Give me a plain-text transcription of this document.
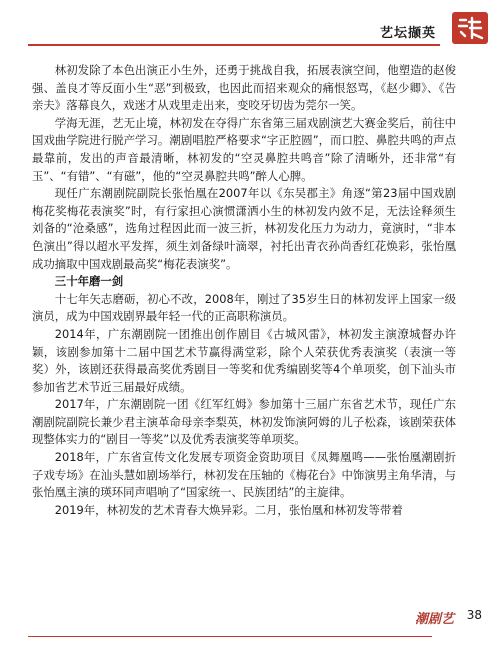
艺坛撷英

林初发除了本色出演正小生外，还勇于挑战自我，拓展表演空间，他塑造的赵俊强、盖良才等反面小生“恶”到极致，也因此而招来观众的痛恨怒骂，《赵少卿》、《告亲夫》落幕良久，戏迷才从戏里走出来，变咬牙切齿为莞尔一笑。

学海无涯，艺无止境，林初发在夺得广东省第三届戏剧演艺大赛金奖后，前往中国戏曲学院进行脱产学习。潮剧唱腔严格要求“字正腔圆”，而口腔、鼻腔共鸣的声点最靠前，发出的声音最清晰，林初发的“空灵鼻腔共鸣音”除了清晰外，还非常“有玉”、“有错”、“有磁”，他的“空灵鼻腔共鸣”醉人心脾。

现任广东潮剧院副院长张怡凰在2007年以《东吴郡主》角逐“第23届中国戏剧梅花奖梅花表演奖”时，有行家担心演惯潇洒小生的林初发内敛不足，无法诠释须生刘备的“沧桑感”，选角过程因此而一波三折，林初发化压力为动力，竟演时，“非本色演出”得以超水平发挥，须生刘备绿叶滴翠，衬托出青衣孙尚香红花焕彩，张怡凰成功摘取中国戏剧最高奖“梅花表演奖”。

三十年磨一剑

十七年矢志磨砺，初心不改，2008年，刚过了35岁生日的林初发评上国家一级演员，成为中国戏剧界最年轻一代的正高职称演员。

2014年，广东潮剧院一团推出创作剧目《古城风雷》，林初发主演潦城督办许颖，该剧参加第十二届中国艺术节赢得满堂彩，除个人荣获优秀表演奖（表演一等奖）外，该剧还获得最高奖优秀剧目一等奖和优秀编剧奖等4个单项奖，创下汕头市参加省艺术节近三届最好成绩。

2017年，广东潮剧院一团《红军红姆》参加第十三届广东省艺术节，现任广东潮剧院副院长兼少君主演革命母亲李梨英，林初发饰演阿姆的儿子松森，该剧荣获体现整体实力的“剧目一等奖”以及优秀表演奖等单项奖。

2018年，广东省宣传文化发展专项资金资助项目《凤舞凰鸣——张怡凰潮剧折子戏专场》在汕头慧如剧场举行，林初发在压轴的《梅花台》中饰演男主角华清，与张怡凰主演的瑛环同声唱响了“国家统一、民族团结”的主旋律。

2019年，林初发的艺术青春大焕异彩。二月，张怡凰和林初发等带着

潮剧艺 38
